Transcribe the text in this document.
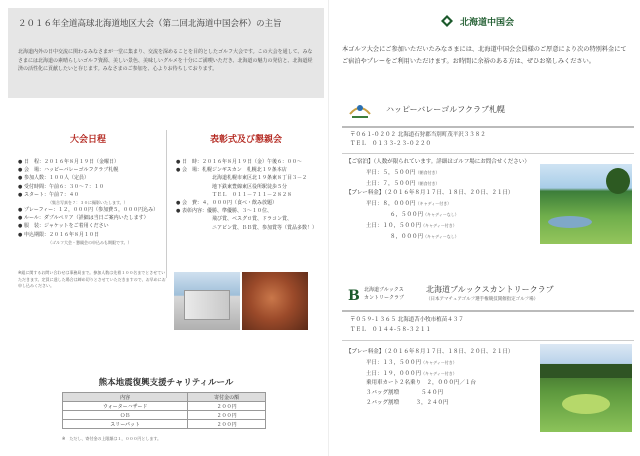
２０１６年全道高球北海道地区大会（第二回北海道中国会杯）の主旨
北海道内外の日中交流に関わるみなさまが一堂に集まり、交流を深めることを目的としたゴルフ大会です。この大会を通して、みなさまには北海道の素晴らしいゴルフ資源、美しい景色、美味しいグルメを十分にご満喫いただき、北海道の魅力の発信と、北海道経済の活性化に貢献したいと存じます。みなさまのご参加を、心よりお待ちしております。
大会日程	表彰式及び懇親会
● 日　程：２０１６年８月１９日（金曜日）
● 会　場：ハッピーバレーゴルフクラブ札幌
● 参加人数：１００人（定員）
● 受付時間：午前６：３０～７：１０
● スタート：午前７：４０
（集合写真を７：３０に撮影いたします。）
● プレーフィー：１２，０００円（参加費５，０００円込み）
● ルール：ダブルペリア（詳細は当日ご案内いたします）
● 服　装：ジャケットをご着用ください
● 申込期限：２０１６年８月１０日
（ゴルフ大会・懇親会の申込みも期限です。）
※組に関するお問い合わせは事務局まで。参加人数は先着１００名までとさせていただきます。定員に達した場合は締め切りとさせていただきますので、お早めにお申し込みください。
● 日　時：２０１６年８月１９日（金）午後６：００～
● 会　場：札幌ジンギスカン　札幌北１９条本店
北海道札幌市東区北１９条東８丁目３－２
地下鉄東豊線東区役所駅徒歩５分
ＴＥＬ　０１１－７１１－２８２８
● 会　費：４，０００円（食べ・飲み放題）
● 表彰内容：優勝、準優勝、３～１０位、
飛び賞、ベスグロ賞、ドラコン賞、
ニアピン賞、ＢＢ賞、参加賞等（賞品多数！）
熊本地震復興支援チャリティルール
内容	寄付金の額
ウォーターハザード	２００円
ＯＢ	２００円
スリーパット	２００円
※　ただし、寄付金の上限額は１，０００円とします。
北海道中国会
本ゴルフ大会にご参加いただいたみなさまには、北海道中国会会員様のご厚意により次の特別料金にてご宿泊やプレーをご利用いただけます。お時間に余裕のある方は、ぜひお楽しみください。
ハッピーバレーゴルフクラブ札幌
〒０６１-０２０２ 北海道石狩郡当別町茂平沢３３８２
ＴＥＬ　０１３３-２３-０２２０
【ご宿泊】（人数が限られています。詳細はゴルフ場にお問合せください）
平日：５，５００円（朝食付き）
土日：７，５００円（朝食付き）
【プレー料金】（２０１６年８月１７日、１８日、２０日、２１日）
平日：８，０００円（キャディー付き）
６，５００円（キャディーなし）
土日：１０，５００円（キャディー付き）
８，０００円（キャディーなし）
B 北海道ブルックス
カントリークラブ
北海道ブルックスカントリークラブ
（日本アマチュアゴルフ選手権競技開催指定ゴルフ場）
〒０５９-１３６５ 北海道苫小牧市植苗４３７
ＴＥＬ　０１４４-５８-３２１１
【プレー料金】（２０１６年８月１７日、１８日、２０日、２１日）
平日：１３，５００円（キャディー付き）
土日：１９，０００円（キャディー付き）
乗用車カート２名乗り　 ２，０００円／１台
３バッグ割増　　　　	５４０円
２バッグ割増　　　	３，２４０円
